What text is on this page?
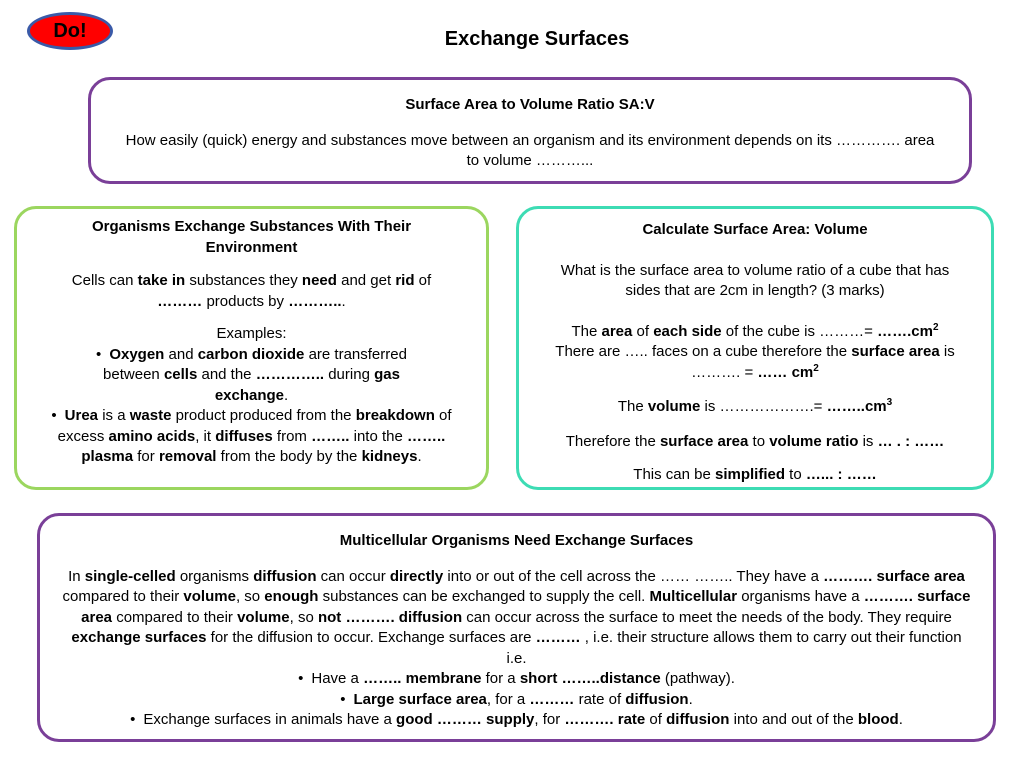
Do!	Exchange Surfaces

Surface Area to Volume Ratio SA:V

How easily (quick) energy and substances move between an organism and its environment depends on its …………. area to volume ………...

Organisms Exchange Substances With Their Environment

Cells can take in substances they need and get rid of ……… products by ………...

Examples:

• Oxygen and carbon dioxide are transferred between cells and the ………….. during gas exchange.
• Urea is a waste product produced from the breakdown of excess amino acids, it diffuses from …….. into the …….. plasma for removal from the body by the kidneys.

Calculate Surface Area: Volume

What is the surface area to volume ratio of a cube that has sides that are 2cm in length? (3 marks)

The area of each side of the cube is ………= $\dots\dots.cm^2$ There are ….. faces on a cube therefore the surface area is ………. = …… $cm^2$

The volume is ……………….= $\dots\dots..cm^3$

Therefore the surface area to volume ratio is … . : ……

This can be simplified to …... : ……

Multicellular Organisms Need Exchange Surfaces

In single-celled organisms diffusion can occur directly into or out of the cell across the …… …….. They have a ………. surface area compared to their volume, so enough substances can be exchanged to supply the cell. Multicellular organisms have a ………. surface area compared to their volume, so not ………. diffusion can occur across the surface to meet the needs of the body. They require exchange surfaces for the diffusion to occur. Exchange surfaces are ……… , i.e. their structure allows them to carry out their function i.e.

• Have a …….. membrane for a short ……..distance (pathway).
• Large surface area, for a ……… rate of diffusion.
• Exchange surfaces in animals have a good ……… supply, for ………. rate of diffusion into and out of the blood.
